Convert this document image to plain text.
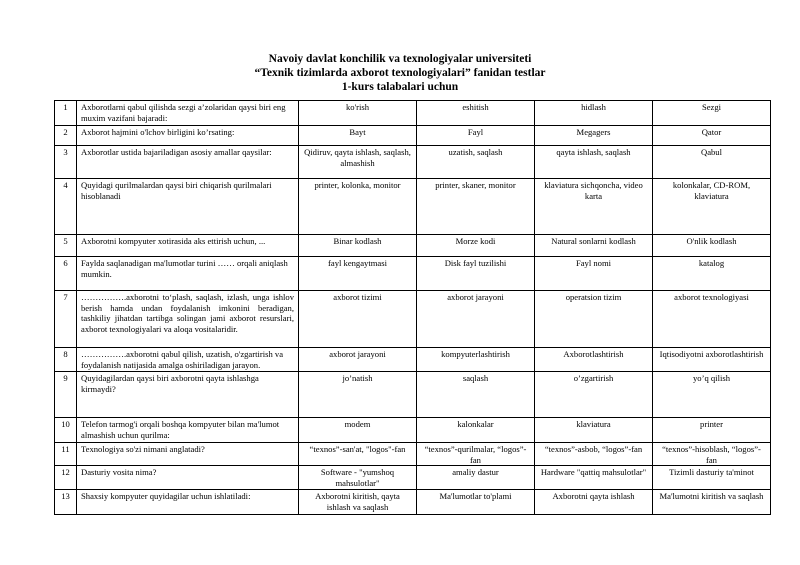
Navoiy davlat konchilik va texnologiyalar universiteti
“Texnik tizimlarda axborot texnologiyalari” fanidan testlar
1-kurs talabalari uchun
1	Axborotlarni qabul qilishda sezgi a’zolaridan qaysi biri eng muxim vazifani bajaradi:	ko'rish	eshitish	hidlash	Sezgi
2	Axborot hajmini o'lchov birligini ko’rsating:	Bayt	Fayl	Megagers	Qator
3	Axborotlar ustida bajariladigan asosiy amallar qaysilar:	Qidiruv, qayta ishlash, saqlash, almashish	uzatish, saqlash	qayta ishlash, saqlash	Qabul
4	Quyidagi qurilmalardan qaysi biri chiqarish qurilmalari hisoblanadi	printer, kolonka, monitor	printer, skaner, monitor	klaviatura sichqoncha, video karta	kolonkalar, CD-ROM, klaviatura
5	Axborotni kompyuter xotirasida aks ettirish uchun, ...	Binar kodlash	Morze kodi	Natural sonlarni kodlash	O'nlik kodlash
6	Faylda saqlanadigan ma'lumotlar turini …… orqali aniqlash mumkin.	fayl kengaytmasi	Disk fayl tuzilishi	Fayl nomi	katalog
7	…………….axborotni to‘plash, saqlash, izlash, unga ishlov berish hamda undan foydalanish imkonini beradigan, tashkiliy jihatdan tartibga solingan jami axborot resurslari, axborot texnologiyalari va aloqa vositalaridir.	axborot tizimi	axborot jarayoni	operatsion tizim	axborot texnologiyasi
8	…………….axborotni qabul qilish, uzatish, o'zgartirish va foydalanish natijasida amalga oshiriladigan jarayon.	axborot jarayoni	kompyuterlashtirish	Axborotlashtirish	Iqtisodiyotni axborotlashtirish
9	Quyidagilardan qaysi biri axborotni qayta ishlashga kirmaydi?	jo’natish	saqlash	o’zgartirish	yo’q qilish
10	Telefon tarmog'i orqali boshqa kompyuter bilan ma'lumot almashish uchun qurilma:	modem	kalonkalar	klaviatura	printer
11	Texnologiya so'zi nimani anglatadi?	“texnos”-san'at, "logos"-fan	“texnos”-qurilmalar, “logos”-fan	“texnos”-asbob, “logos”-fan	“texnos”-hisoblash, “logos”-fan
12	Dasturiy vosita nima?	Software - "yumshoq mahsulotlar"	amaliy dastur	Hardware "qattiq mahsulotlar"	Tizimli dasturiy ta'minot
13	Shaxsiy kompyuter quyidagilar uchun ishlatiladi:	Axborotni kiritish, qayta ishlash va saqlash	Ma'lumotlar to'plami	Axborotni qayta ishlash	Ma'lumotni kiritish va saqlash
